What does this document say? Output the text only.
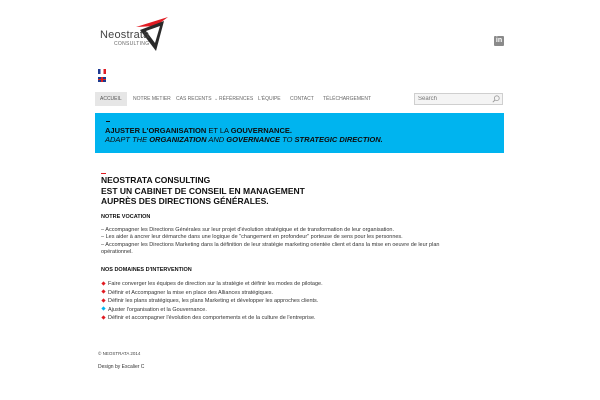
Neostrata
CONSULTING	in
ACCUEIL	NOTRE METIER	CAS RECENTS ⌄ RÉFÉRENCES L'ÉQUIPE	CONTACT	TÉLÉCHARGEMENT
Search
AJUSTER L'ORGANISATION ET LA GOUVERNANCE.
ADAPT THE ORGANIZATION AND GOVERNANCE TO STRATEGIC DIRECTION.
NEOSTRATA CONSULTING
EST UN CABINET DE CONSEIL EN MANAGEMENT
AUPRÈS DES DIRECTIONS GÉNÉRALES.
NOTRE VOCATION
– Accompagner les Directions Générales sur leur projet d'évolution stratégique et de transformation de leur organisation.
– Les aider à ancrer leur démarche dans une logique de "changement en profondeur" porteuse de sens pour les personnes.
– Accompagner les Directions Marketing dans la définition de leur stratégie marketing orientée client et dans la mise en oeuvre de leur plan opérationnel.
NOS DOMAINES D'INTERVENTION
Faire converger les équipes de direction sur la stratégie et définir les modes de pilotage.
Définir et Accompagner la mise en place des Alliances stratégiques.
Définir les plans stratégiques, les plans Marketing et développer les approches clients.
Ajuster l'organisation et la Gouvernance.
Définir et accompagner l'évolution des comportements et de la culture de l'entreprise.
© NEOSTRATA 2014
Design by Escalier C
